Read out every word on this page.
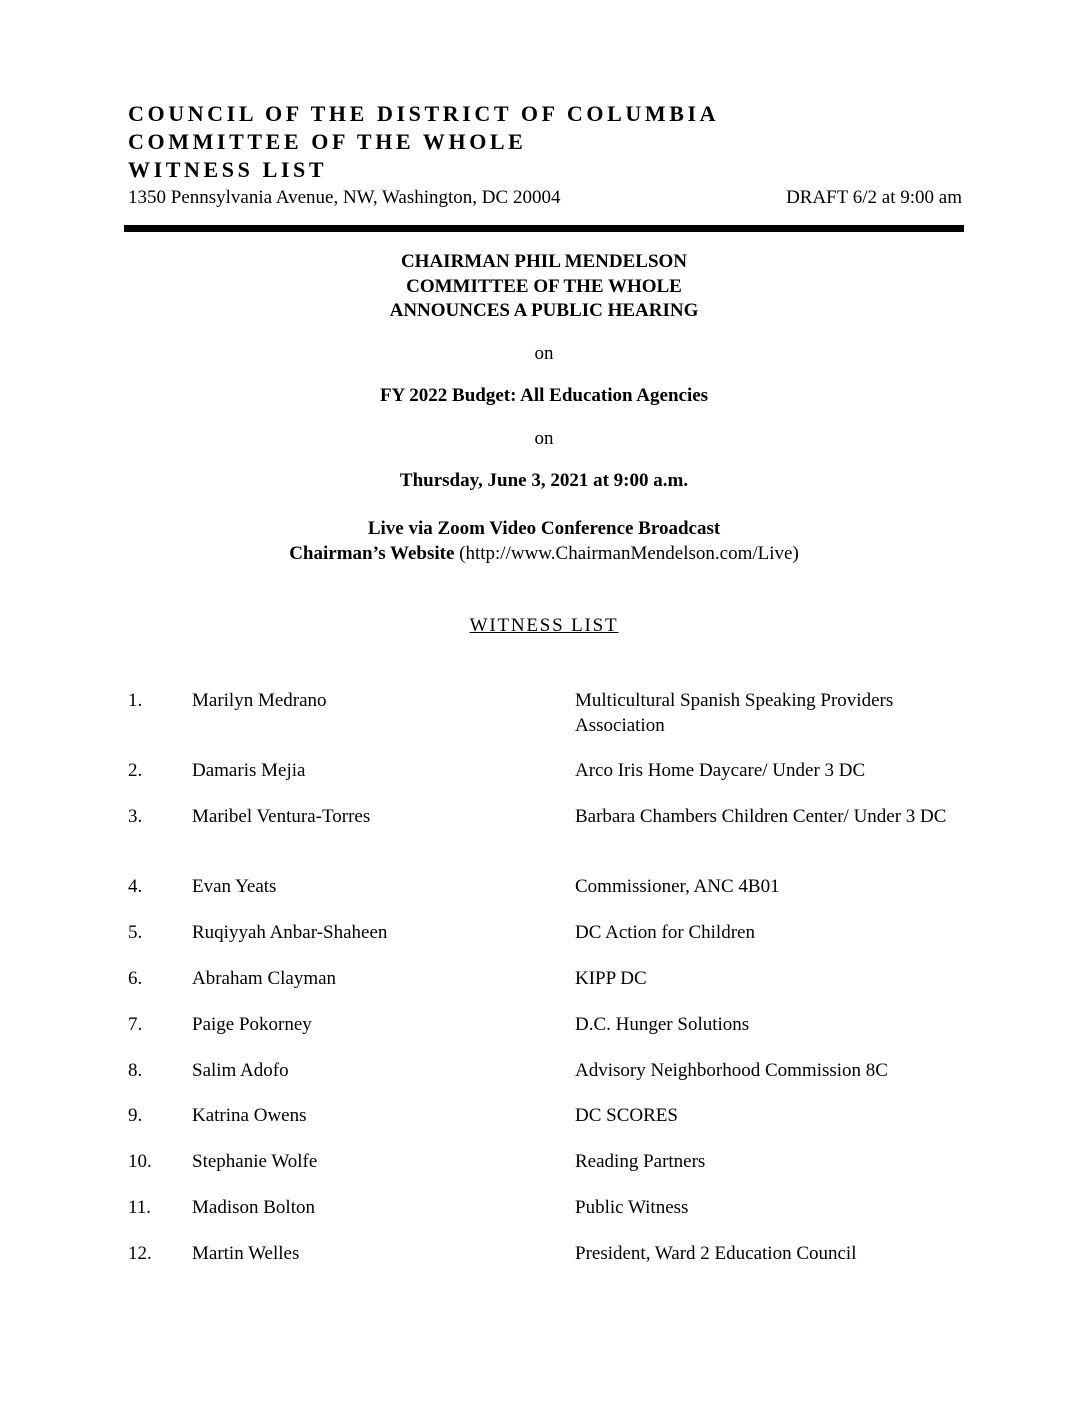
COUNCIL OF THE DISTRICT OF COLUMBIA
COMMITTEE OF THE WHOLE
WITNESS LIST
1350 Pennsylvania Avenue, NW, Washington, DC 20004	DRAFT 6/2 at 9:00 am
CHAIRMAN PHIL MENDELSON
COMMITTEE OF THE WHOLE
ANNOUNCES A PUBLIC HEARING
on
FY 2022 Budget: All Education Agencies
on
Thursday, June 3, 2021 at 9:00 a.m.
Live via Zoom Video Conference Broadcast
Chairman’s Website (http://www.ChairmanMendelson.com/Live)
WITNESS LIST
1.	Marilyn Medrano	Multicultural Spanish Speaking Providers Association
2.	Damaris Mejia	Arco Iris Home Daycare/ Under 3 DC
3.	Maribel Ventura-Torres	Barbara Chambers Children Center/ Under 3 DC
4.	Evan Yeats	Commissioner, ANC 4B01
5.	Ruqiyyah Anbar-Shaheen	DC Action for Children
6.	Abraham Clayman	KIPP DC
7.	Paige Pokorney	D.C. Hunger Solutions
8.	Salim Adofo	Advisory Neighborhood Commission 8C
9.	Katrina Owens	DC SCORES
10. Stephanie Wolfe	Reading Partners
11. Madison Bolton	Public Witness
12. Martin Welles	President, Ward 2 Education Council
